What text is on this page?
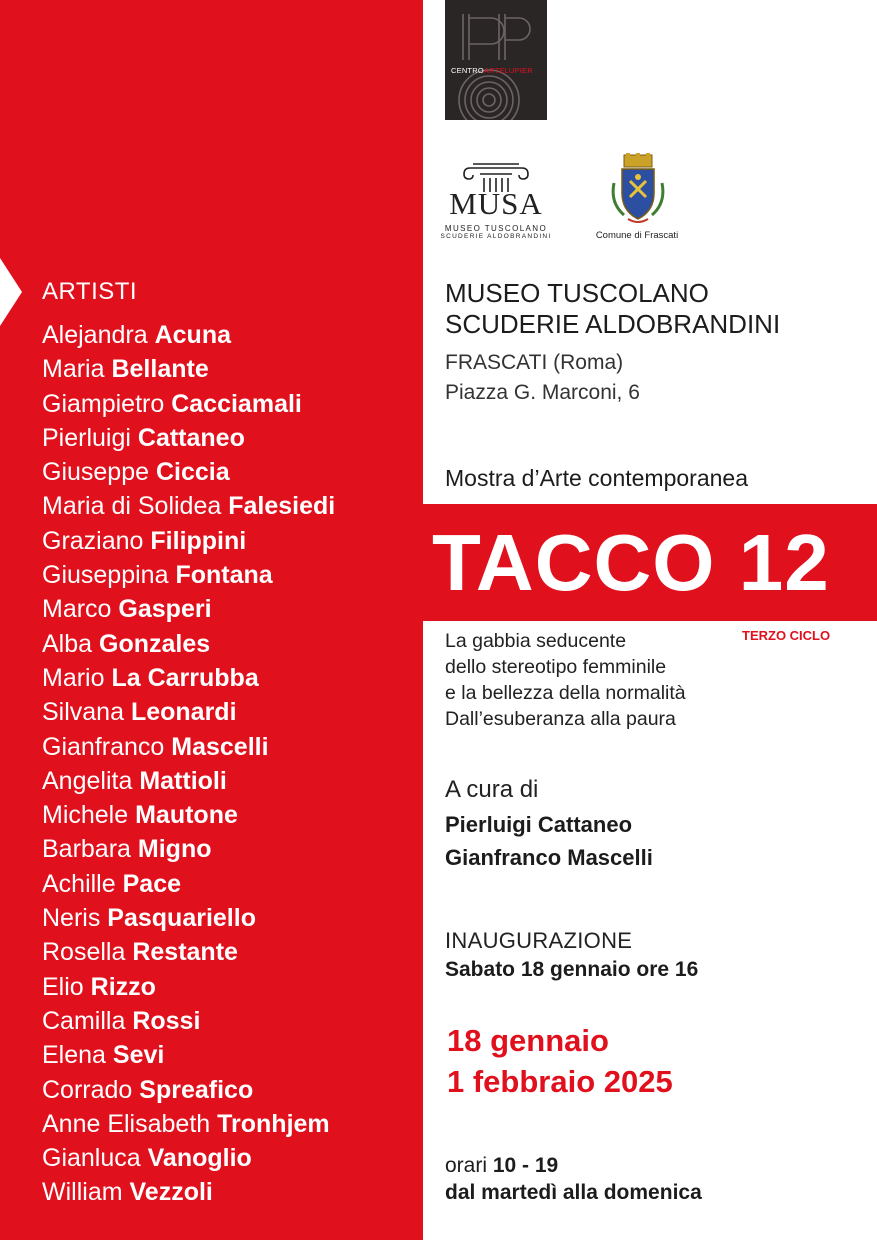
ARTISTI
Alejandra Acuna
Maria Bellante
Giampietro Cacciamali
Pierluigi Cattaneo
Giuseppe Ciccia
Maria di Solidea Falesiedi
Graziano Filippini
Giuseppina Fontana
Marco Gasperi
Alba Gonzales
Mario La Carrubba
Silvana Leonardi
Gianfranco Mascelli
Angelita Mattioli
Michele Mautone
Barbara Migno
Achille Pace
Neris Pasquariello
Rosella Restante
Elio Rizzo
Camilla Rossi
Elena Sevi
Corrado Spreafico
Anne Elisabeth Tronhjem
Gianluca Vanoglio
William Vezzoli
CENTROARTELUPIER
MUSA
MUSEO TUSCOLANO
SCUDERIE ALDOBRANDINI	Comune di Frascati
MUSEO TUSCOLANO
SCUDERIE ALDOBRANDINI
FRASCATI (Roma)
Piazza G. Marconi, 6
Mostra d’Arte contemporanea
TACCO 12
TERZO CICLO
La gabbia seducente
dello stereotipo femminile
e la bellezza della normalità
Dall’esuberanza alla paura
A cura di
Pierluigi Cattaneo
Gianfranco Mascelli
INAUGURAZIONE
Sabato 18 gennaio ore 16
18 gennaio
1 febbraio 2025
orari 10 - 19
dal martedì alla domenica
